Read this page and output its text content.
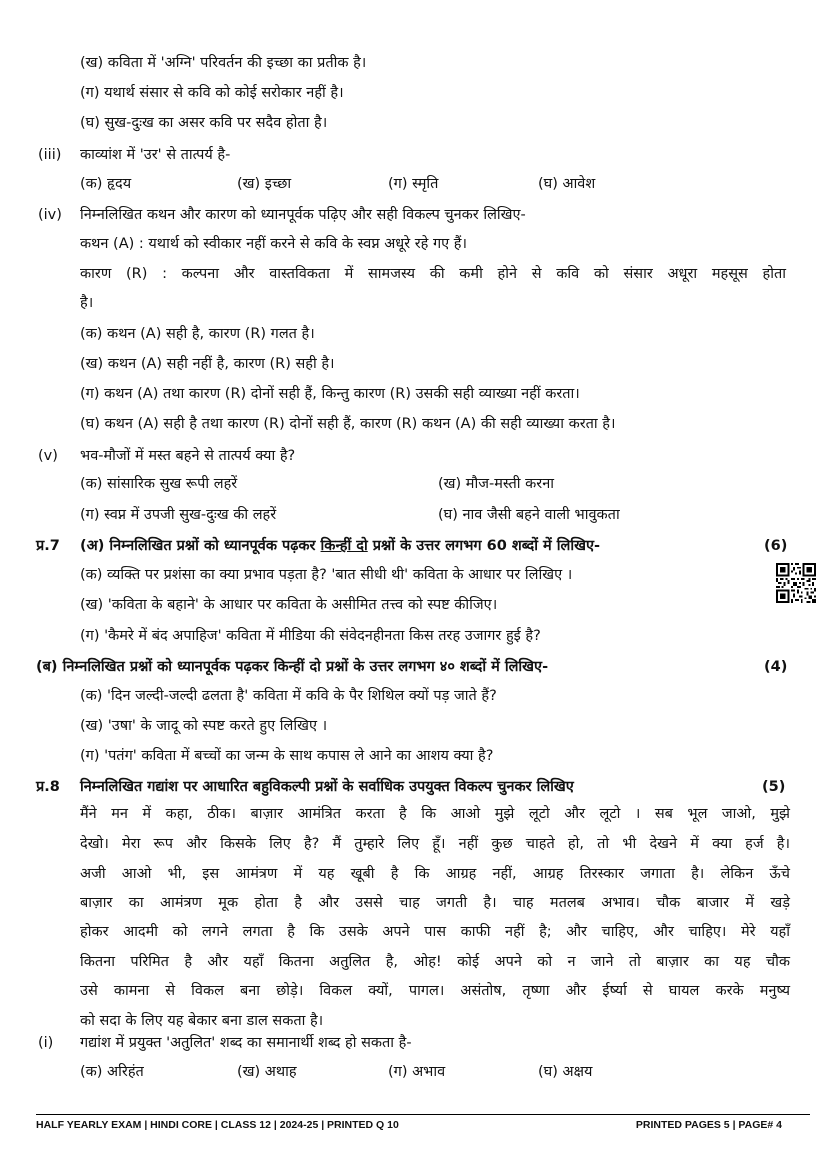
(ख) कविता में 'अग्नि' परिवर्तन की इच्छा का प्रतीक है।
(ग) यथार्थ संसार से कवि को कोई सरोकार नहीं है।
(घ) सुख-दुःख का असर कवि पर सदैव होता है।
(iii) काव्यांश में 'उर' से तात्पर्य है-
(क) हृदय	(ख) इच्छा	(ग) स्मृति	(घ) आवेश
(iv) निम्नलिखित कथन और कारण को ध्यानपूर्वक पढ़िए और सही विकल्प चुनकर लिखिए-
कथन (A) : यथार्थ को स्वीकार नहीं करने से कवि के स्वप्न अधूरे रहे गए हैं।
कारण (R) : कल्पना और वास्तविकता में सामजस्य की कमी होने से कवि को संसार अधूरा महसूस होता
है।
(क) कथन (A) सही है, कारण (R) गलत है।
(ख) कथन (A) सही नहीं है, कारण (R) सही है।
(ग) कथन (A) तथा कारण (R) दोनों सही हैं, किन्तु कारण (R) उसकी सही व्याख्या नहीं करता।
(घ) कथन (A) सही है तथा कारण (R) दोनों सही हैं, कारण (R) कथन (A) की सही व्याख्या करता है।
(v) भव-मौजों में मस्त बहने से तात्पर्य क्या है?
(क) सांसारिक सुख रूपी लहरें	(ख) मौज-मस्ती करना
(ग) स्वप्न में उपजी सुख-दुःख की लहरें	(घ) नाव जैसी बहने वाली भावुकता
प्र.7 (अ) निम्नलिखित प्रश्नों को ध्यानपूर्वक पढ़कर किन्हीं दो प्रश्नों के उत्तर लगभग 60 शब्दों में लिखिए-	(6)
(क) व्यक्ति पर प्रशंसा का क्या प्रभाव पड़ता है? 'बात सीधी थी' कविता के आधार पर लिखिए ।
(ख) 'कविता के बहाने' के आधार पर कविता के असीमित तत्त्व को स्पष्ट कीजिए।
(ग) 'कैमरे में बंद अपाहिज' कविता में मीडिया की संवेदनहीनता किस तरह उजागर हुई है?
(ब) निम्नलिखित प्रश्नों को ध्यानपूर्वक पढ़कर किन्हीं दो प्रश्नों के उत्तर लगभग ४० शब्दों में लिखिए-	(4)
(क) 'दिन जल्दी-जल्दी ढलता है' कविता में कवि के पैर शिथिल क्यों पड़ जाते हैं?
(ख) 'उषा' के जादू को स्पष्ट करते हुए लिखिए ।
(ग) 'पतंग' कविता में बच्चों का जन्म के साथ कपास ले आने का आशय क्या है?
प्र.8 निम्नलिखित गद्यांश पर आधारित बहुविकल्पी प्रश्नों के सर्वाधिक उपयुक्त विकल्प चुनकर लिखिए	(5)
मैंने मन में कहा, ठीक। बाज़ार आमंत्रित करता है कि आओ मुझे लूटो और लूटो । सब भूल जाओ, मुझे
देखो। मेरा रूप और किसके लिए है? मैं तुम्हारे लिए हूँ। नहीं कुछ चाहते हो, तो भी देखने में क्या हर्ज है।
अजी आओ भी, इस आमंत्रण में यह खूबी है कि आग्रह नहीं, आग्रह तिरस्कार जगाता है। लेकिन ऊँचे
बाज़ार का आमंत्रण मूक होता है और उससे चाह जगती है। चाह मतलब अभाव। चौक बाजार में खड़े
होकर आदमी को लगने लगता है कि उसके अपने पास काफी नहीं है; और चाहिए, और चाहिए। मेरे यहाँ
कितना परिमित है और यहाँ कितना अतुलित है, ओह! कोई अपने को न जाने तो बाज़ार का यह चौक
उसे कामना से विकल बना छोड़े। विकल क्यों, पागल। असंतोष, तृष्णा और ईर्ष्या से घायल करके मनुष्य
को सदा के लिए यह बेकार बना डाल सकता है।
(i) गद्यांश में प्रयुक्त 'अतुलित' शब्द का समानार्थी शब्द हो सकता है-
(क) अरिहंत	(ख) अथाह	(ग) अभाव	(घ) अक्षय
HALF YEARLY EXAM | HINDI CORE | CLASS 12 | 2024-25 | PRINTED Q 10	PRINTED PAGES 5 | PAGE# 4
